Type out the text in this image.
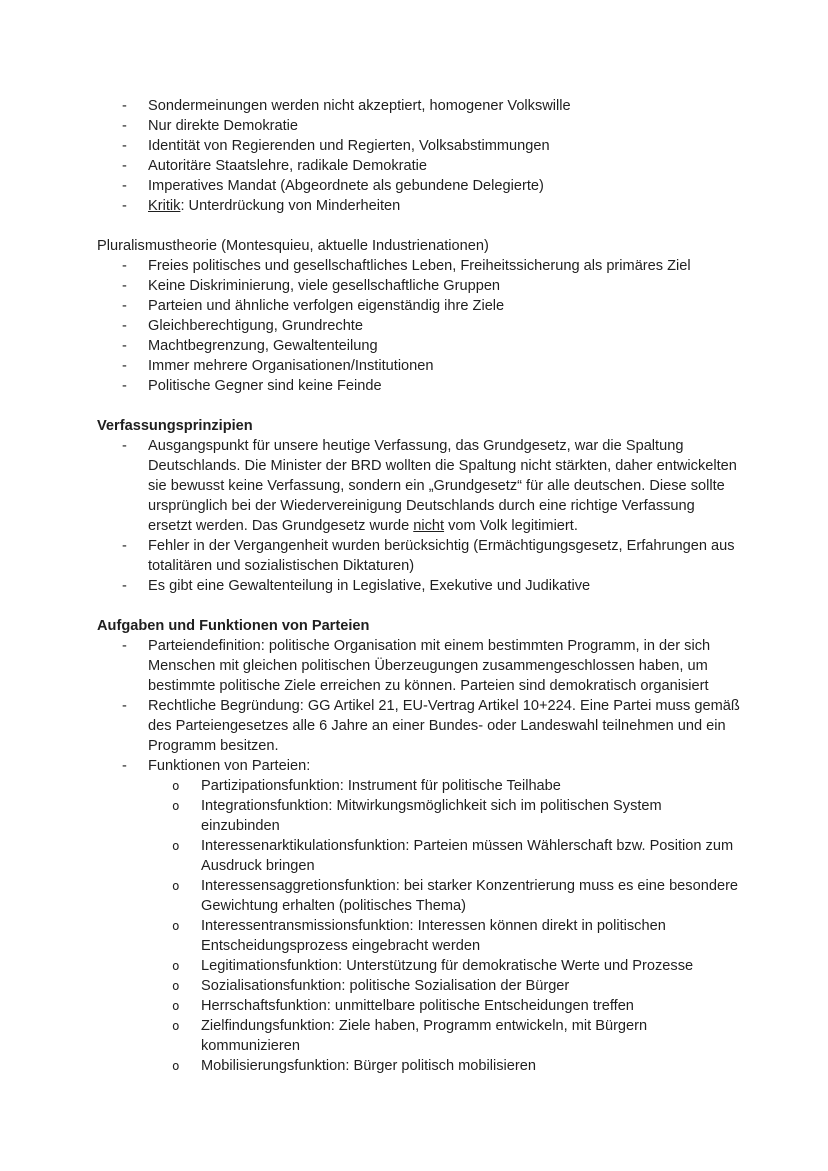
-	Sondermeinungen werden nicht akzeptiert, homogener Volkswille
-	Nur direkte Demokratie
-	Identität von Regierenden und Regierten, Volksabstimmungen
-	Autoritäre Staatslehre, radikale Demokratie
-	Imperatives Mandat (Abgeordnete als gebundene Delegierte)
-	Kritik: Unterdrückung von Minderheiten
Pluralismustheorie (Montesquieu, aktuelle Industrienationen)
-	Freies politisches und gesellschaftliches Leben, Freiheitssicherung als primäres Ziel
-	Keine Diskriminierung, viele gesellschaftliche Gruppen
-	Parteien und ähnliche verfolgen eigenständig ihre Ziele
-	Gleichberechtigung, Grundrechte
-	Machtbegrenzung, Gewaltenteilung
-	Immer mehrere Organisationen/Institutionen
-	Politische Gegner sind keine Feinde
Verfassungsprinzipien
-	Ausgangspunkt für unsere heutige Verfassung, das Grundgesetz, war die Spaltung Deutschlands. Die Minister der BRD wollten die Spaltung nicht stärkten, daher entwickelten sie bewusst keine Verfassung, sondern ein „Grundgesetz“ für alle deutschen. Diese sollte ursprünglich bei der Wiedervereinigung Deutschlands durch eine richtige Verfassung ersetzt werden. Das Grundgesetz wurde nicht vom Volk legitimiert.
-	Fehler in der Vergangenheit wurden berücksichtig (Ermächtigungsgesetz, Erfahrungen aus totalitären und sozialistischen Diktaturen)
-	Es gibt eine Gewaltenteilung in Legislative, Exekutive und Judikative
Aufgaben und Funktionen von Parteien
-	Parteiendefinition: politische Organisation mit einem bestimmten Programm, in der sich Menschen mit gleichen politischen Überzeugungen zusammengeschlossen haben, um bestimmte politische Ziele erreichen zu können. Parteien sind demokratisch organisiert
-	Rechtliche Begründung: GG Artikel 21, EU-Vertrag Artikel 10+224. Eine Partei muss gemäß des Parteiengesetzes alle 6 Jahre an einer Bundes- oder Landeswahl teilnehmen und ein Programm besitzen.
-	Funktionen von Parteien:
o	Partizipationsfunktion: Instrument für politische Teilhabe
o	Integrationsfunktion: Mitwirkungsmöglichkeit sich im politischen System einzubinden
o	Interessenarktikulationsfunktion: Parteien müssen Wählerschaft bzw. Position zum Ausdruck bringen
o	Interessensaggretionsfunktion: bei starker Konzentrierung muss es eine besondere Gewichtung erhalten (politisches Thema)
o	Interessentransmissionsfunktion: Interessen können direkt in politischen Entscheidungsprozess eingebracht werden
o	Legitimationsfunktion: Unterstützung für demokratische Werte und Prozesse
o	Sozialisationsfunktion: politische Sozialisation der Bürger
o	Herrschaftsfunktion: unmittelbare politische Entscheidungen treffen
o	Zielfindungsfunktion: Ziele haben, Programm entwickeln, mit Bürgern kommunizieren
o	Mobilisierungsfunktion: Bürger politisch mobilisieren
